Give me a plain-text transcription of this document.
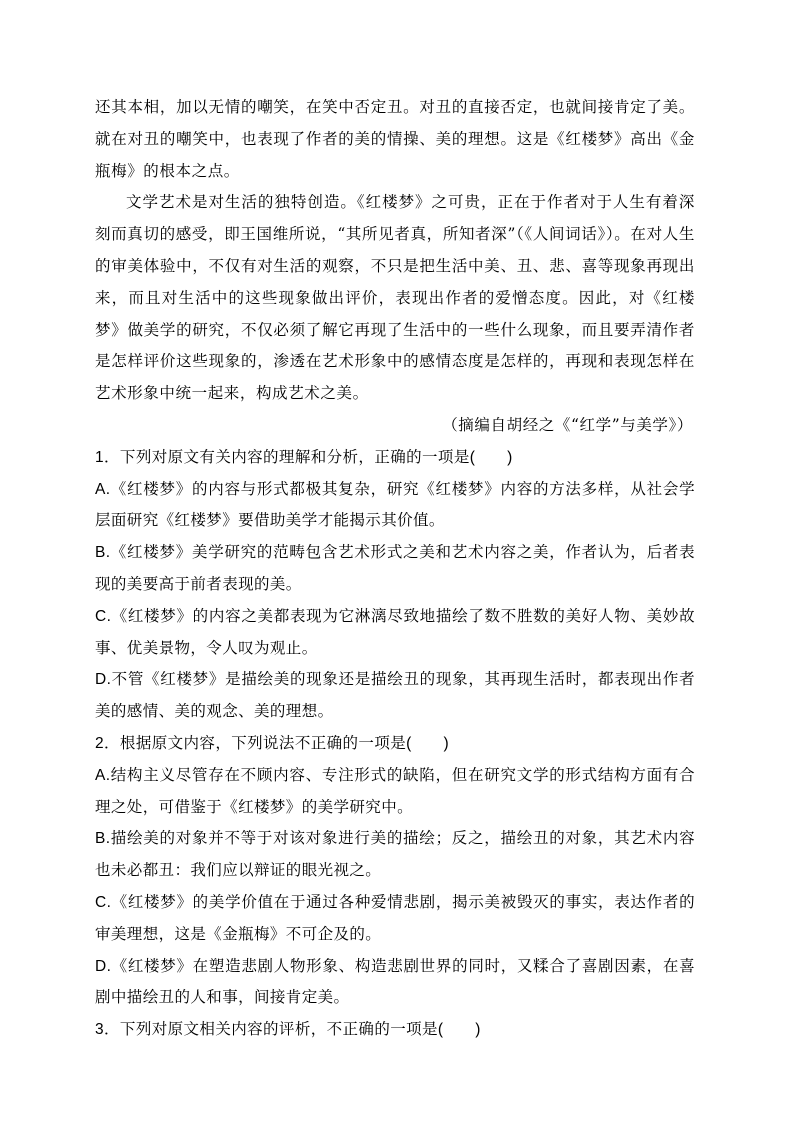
还其本相，加以无情的嘲笑，在笑中否定丑。对丑的直接否定，也就间接肯定了美。就在对丑的嘲笑中，也表现了作者的美的情操、美的理想。这是《红楼梦》高出《金瓶梅》的根本之点。

文学艺术是对生活的独特创造。《红楼梦》之可贵，正在于作者对于人生有着深刻而真切的感受，即王国维所说，“其所见者真，所知者深”（《人间词话》）。在对人生的审美体验中，不仅有对生活的观察，不只是把生活中美、丑、悲、喜等现象再现出来，而且对生活中的这些现象做出评价，表现出作者的爱憎态度。因此，对《红楼梦》做美学的研究，不仅必须了解它再现了生活中的一些什么现象，而且要弄清作者是怎样评价这些现象的，渗透在艺术形象中的感情态度是怎样的，再现和表现怎样在艺术形象中统一起来，构成艺术之美。

（摘编自胡经之《“红学”与美学》）

1．下列对原文有关内容的理解和分析，正确的一项是(　　)

A.《红楼梦》的内容与形式都极其复杂，研究《红楼梦》内容的方法多样，从社会学层面研究《红楼梦》要借助美学才能揭示其价值。

B.《红楼梦》美学研究的范畴包含艺术形式之美和艺术内容之美，作者认为，后者表现的美要高于前者表现的美。

C.《红楼梦》的内容之美都表现为它淋漓尽致地描绘了数不胜数的美好人物、美妙故事、优美景物，令人叹为观止。

D.不管《红楼梦》是描绘美的现象还是描绘丑的现象，其再现生活时，都表现出作者美的感情、美的观念、美的理想。

2．根据原文内容，下列说法不正确的一项是(　　)

A.结构主义尽管存在不顾内容、专注形式的缺陷，但在研究文学的形式结构方面有合理之处，可借鉴于《红楼梦》的美学研究中。

B.描绘美的对象并不等于对该对象进行美的描绘；反之，描绘丑的对象，其艺术内容也未必都丑：我们应以辩证的眼光视之。

C.《红楼梦》的美学价值在于通过各种爱情悲剧，揭示美被毁灭的事实，表达作者的审美理想，这是《金瓶梅》不可企及的。

D.《红楼梦》在塑造悲剧人物形象、构造悲剧世界的同时，又糅合了喜剧因素，在喜剧中描绘丑的人和事，间接肯定美。

3．下列对原文相关内容的评析，不正确的一项是(　　)
